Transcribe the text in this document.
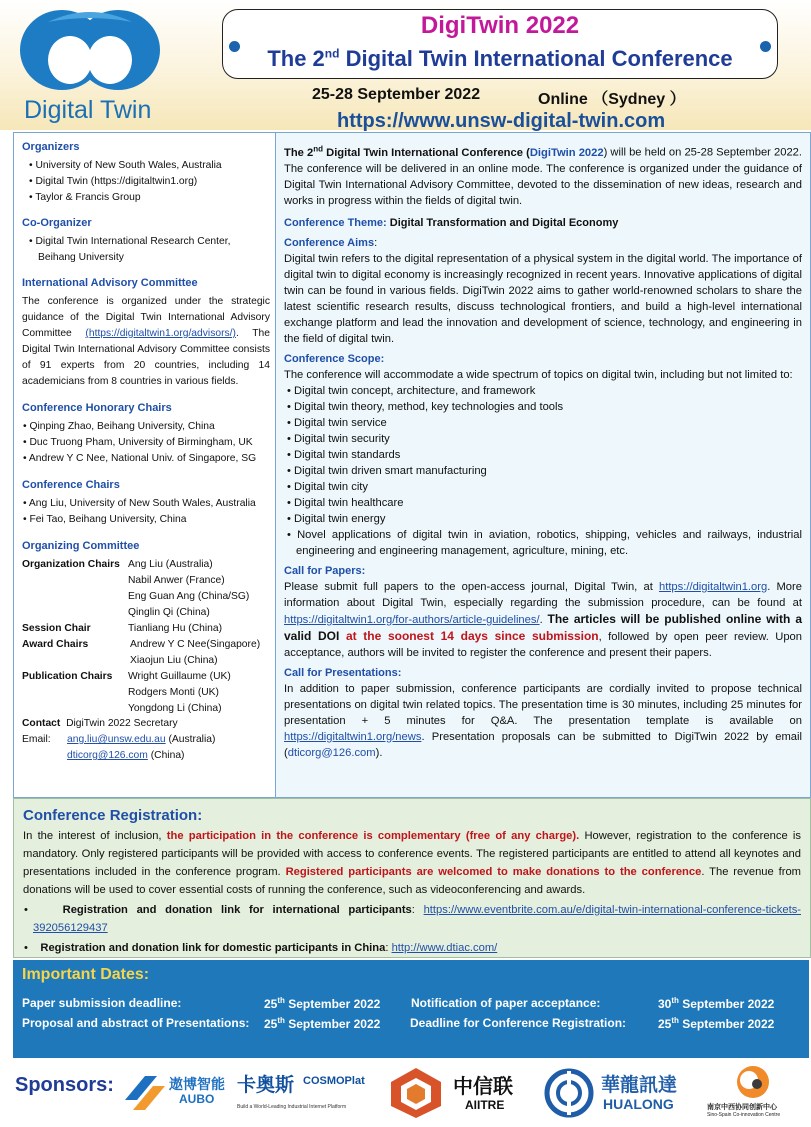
Digital Twin
DigiTwin 2022
The 2nd Digital Twin International Conference
25-28 September 2022	Online （Sydney ）
https://www.unsw-digital-twin.com
Organizers
• University of New South Wales, Australia
• Digital Twin (https://digitaltwin1.org)
• Taylor & Francis Group
Co-Organizer
• Digital Twin International Research Center, Beihang University
International Advisory Committee
The conference is organized under the strategic guidance of the Digital Twin International Advisory Committee (https://digitaltwin1.org/advisors/). The Digital Twin International Advisory Committee consists of 91 experts from 20 countries, including 14 academicians from 8 countries in various fields.
Conference Honorary Chairs
• Qinping Zhao, Beihang University, China
• Duc Truong Pham, University of Birmingham, UK
• Andrew Y C Nee, National Univ. of Singapore, SG
Conference Chairs
• Ang Liu, University of New South Wales, Australia
• Fei Tao, Beihang University, China
Organizing Committee
Organization Chairs Ang Liu (Australia)
Nabil Anwer (France)
Eng Guan Ang (China/SG)
Qinglin Qi (China)
Session Chair	Tianliang Hu (China)
Award Chairs	Andrew Y C Nee(Singapore)
Xiaojun Liu (China)
Publication Chairs Wright Guillaume (UK)
Rodgers Monti (UK)
Yongdong Li (China)
Contact DigiTwin 2022 Secretary
Email: ang.liu@unsw.edu.au (Australia)
dticorg@126.com (China)
The 2nd Digital Twin International Conference (DigiTwin 2022) will be held on 25-28 September 2022. The conference will be delivered in an online mode. The conference is organized under the guidance of Digital Twin International Advisory Committee, devoted to the dissemination of new ideas, research and works in progress within the fields of digital twin.
Conference Theme: Digital Transformation and Digital Economy
Conference Aims:
Digital twin refers to the digital representation of a physical system in the digital world. The importance of digital twin to digital economy is increasingly recognized in recent years. Innovative applications of digital twin can be found in various fields. DigiTwin 2022 aims to gather world-renowned scholars to share the latest scientific research results, discuss technological frontiers, and build a high-level international exchange platform and lead the innovation and development of science, technology, and engineering in the field of digital twin.
Conference Scope:
The conference will accommodate a wide spectrum of topics on digital twin, including but not limited to:
• Digital twin concept, architecture, and framework
• Digital twin theory, method, key technologies and tools
• Digital twin service
• Digital twin security
• Digital twin standards
• Digital twin driven smart manufacturing
• Digital twin city
• Digital twin healthcare
• Digital twin energy
• Novel applications of digital twin in aviation, robotics, shipping, vehicles and railways, industrial engineering and engineering management, agriculture, mining, etc.
Call for Papers:
Please submit full papers to the open-access journal, Digital Twin, at https://digitaltwin1.org. More information about Digital Twin, especially regarding the submission procedure, can be found at https://digitaltwin1.org/for-authors/article-guidelines/. The articles will be published online with a valid DOI at the soonest 14 days since submission, followed by open peer review. Upon acceptance, authors will be invited to register the conference and present their papers.
Call for Presentations:
In addition to paper submission, conference participants are cordially invited to propose technical presentations on digital twin related topics. The presentation time is 30 minutes, including 25 minutes for presentation + 5 minutes for Q&A. The presentation template is available on https://digitaltwin1.org/news. Presentation proposals can be submitted to DigiTwin 2022 by email (dticorg@126.com).
Conference Registration:
In the interest of inclusion, the participation in the conference is complementary (free of any charge). However, registration to the conference is mandatory. Only registered participants will be provided with access to conference events. The registered participants are entitled to attend all keynotes and presentations included in the conference program. Registered participants are welcomed to make donations to the conference. The revenue from donations will be used to cover essential costs of running the conference, such as videoconferencing and awards.
•    Registration and donation link for international participants: https://www.eventbrite.com.au/e/digital-twin-international-conference-tickets-392056129437
•    Registration and donation link for domestic participants in China: http://www.dtiac.com/
Important Dates:
Paper submission deadline:	25th September 2022
Proposal and abstract of Presentations: 25th September 2022
Notification of paper acceptance:	30th September 2022
Deadline for Conference Registration:	25th September 2022
Sponsors:	遨博智能
AUBO
卡奥斯 COSMOPlat
Build a World-Leading Industrial Internet Platform
中信联
AIITRE
華龍訊達
HUALONG	南京中西协同创新中心
Sino-Spain Co-innovation Centre
